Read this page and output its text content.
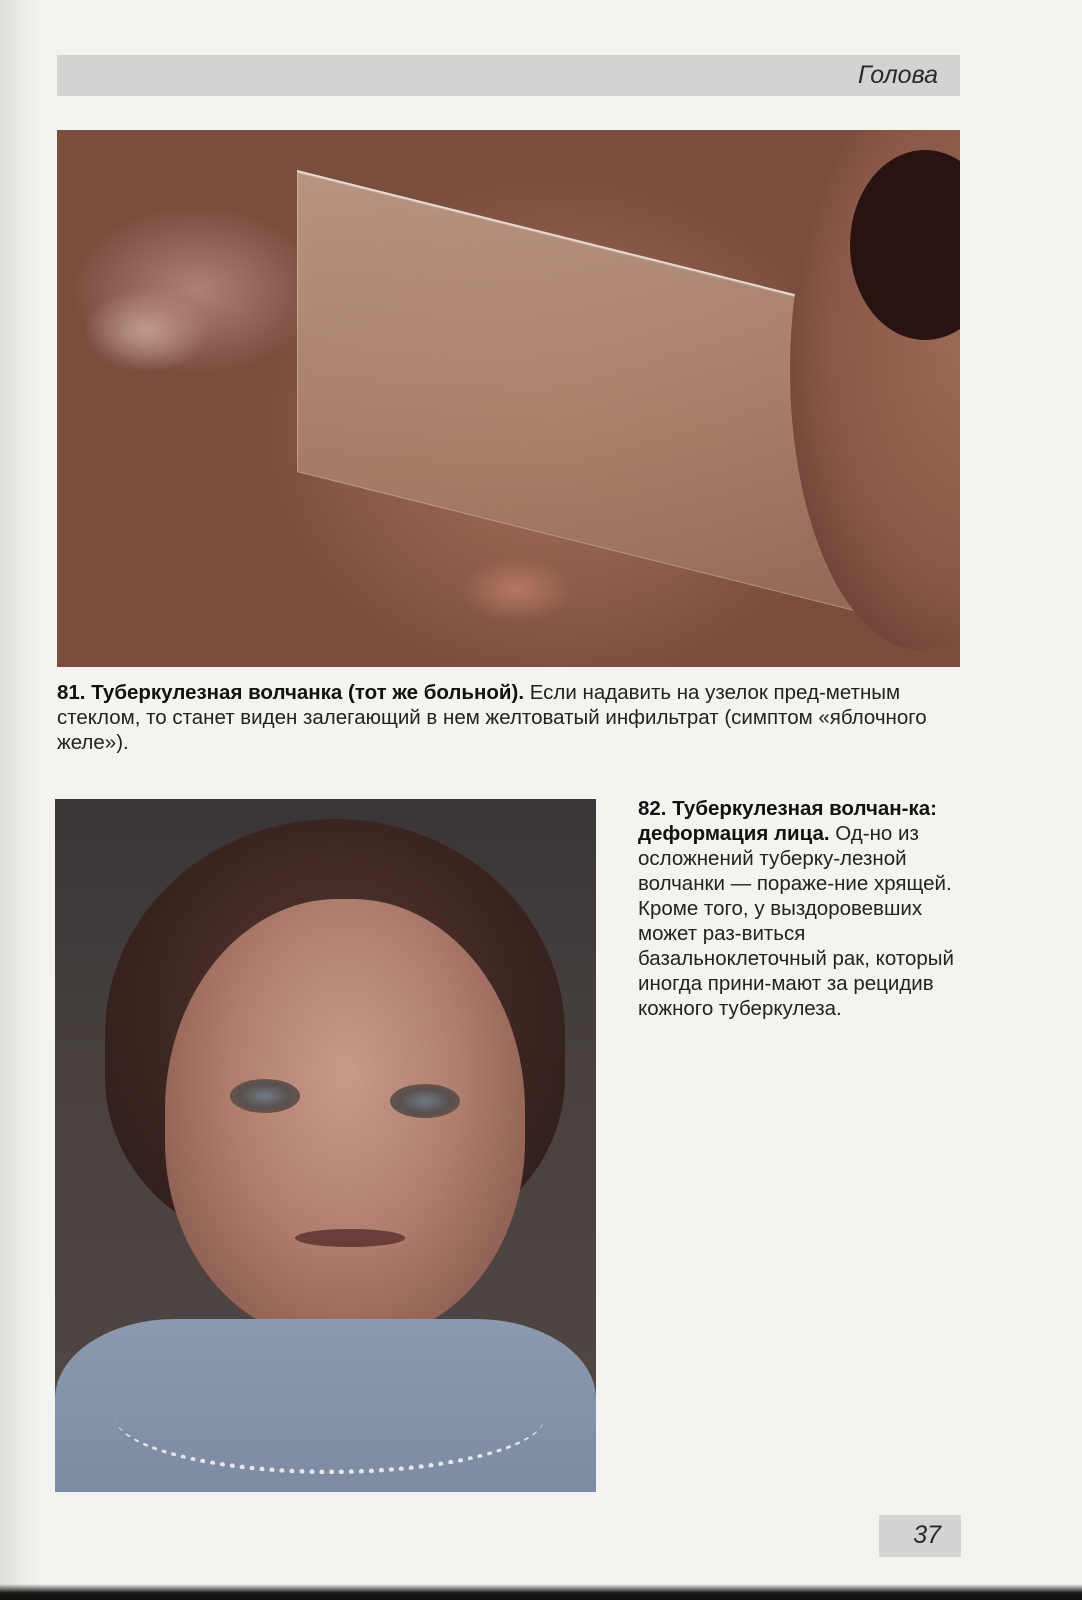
Голова
81. Туберкулезная волчанка (тот же больной). Если надавить на узелок пред-метным стеклом, то станет виден залегающий в нем желтоватый инфильтрат (симптом «яблочного желе»).
82. Туберкулезная волчан-ка: деформация лица. Од-но из осложнений туберку-лезной волчанки — пораже-ние хрящей. Кроме того, у выздоровевших может раз-виться базальноклеточный рак, который иногда прини-мают за рецидив кожного туберкулеза.
37
